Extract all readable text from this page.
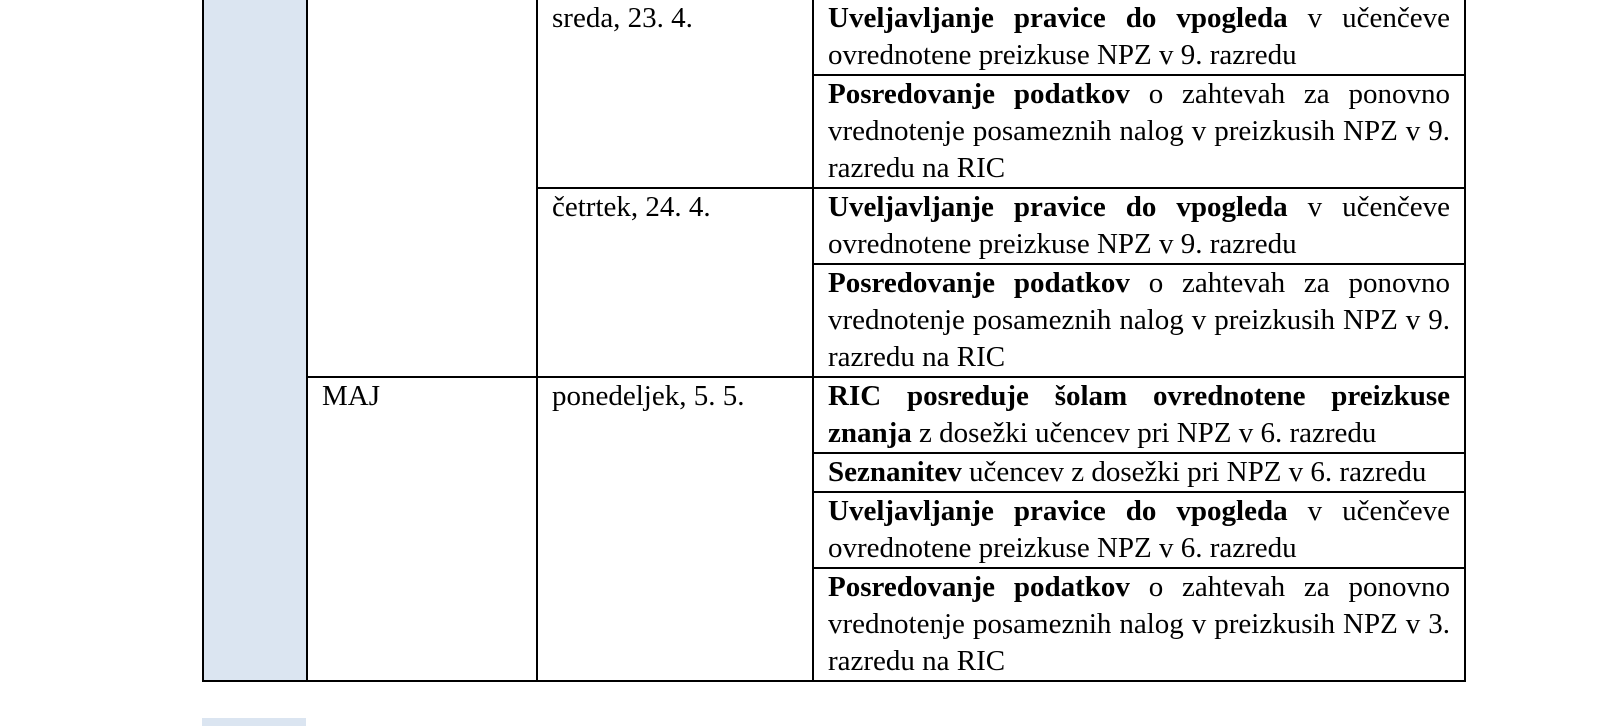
		sreda, 23. 4.	Uveljavljanje pravice do vpogleda v učenčeve ovrednotene preizkuse NPZ v 9. razredu
			Posredovanje podatkov o zahtevah za ponovno vrednotenje posameznih nalog v preizkusih NPZ v 9. razredu na RIC
		četrtek, 24. 4.	Uveljavljanje pravice do vpogleda v učenčeve ovrednotene preizkuse NPZ v 9. razredu
			Posredovanje podatkov o zahtevah za ponovno vrednotenje posameznih nalog v preizkusih NPZ v 9. razredu na RIC
	MAJ	ponedeljek, 5. 5.	RIC posreduje šolam ovrednotene preizkuse znanja z dosežki učencev pri NPZ v 6. razredu
			Seznanitev učencev z dosežki pri NPZ v 6. razredu
			Uveljavljanje pravice do vpogleda v učenčeve ovrednotene preizkuse NPZ v 6. razredu
			Posredovanje podatkov o zahtevah za ponovno vrednotenje posameznih nalog v preizkusih NPZ v 3. razredu na RIC
